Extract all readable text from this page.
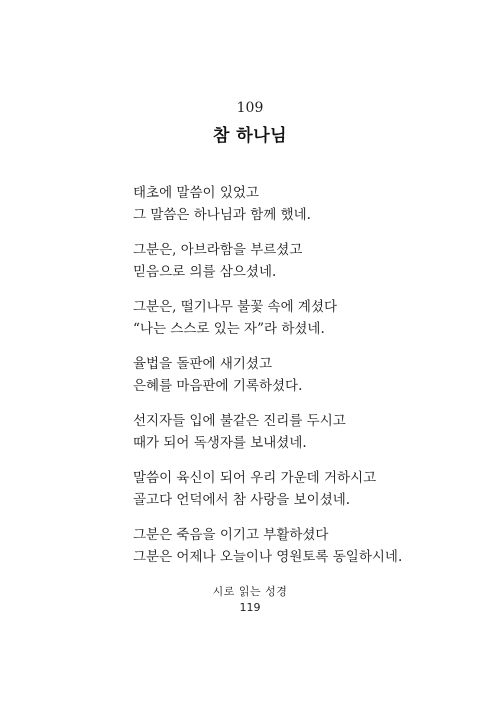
109
참 하나님
태초에 말씀이 있었고
그 말씀은 하나님과 함께 했네.
그분은, 아브라함을 부르셨고
믿음으로 의를 삼으셨네.
그분은, 떨기나무 불꽃 속에 계셨다
“나는 스스로 있는 자”라 하셨네.
율법을 돌판에 새기셨고
은혜를 마음판에 기록하셨다.
선지자들 입에 불같은 진리를 두시고
때가 되어 독생자를 보내셨네.
말씀이 육신이 되어 우리 가운데 거하시고
골고다 언덕에서 참 사랑을 보이셨네.
그분은 죽음을 이기고 부활하셨다
그분은 어제나 오늘이나 영원토록 동일하시네.
시로 읽는 성경
119
